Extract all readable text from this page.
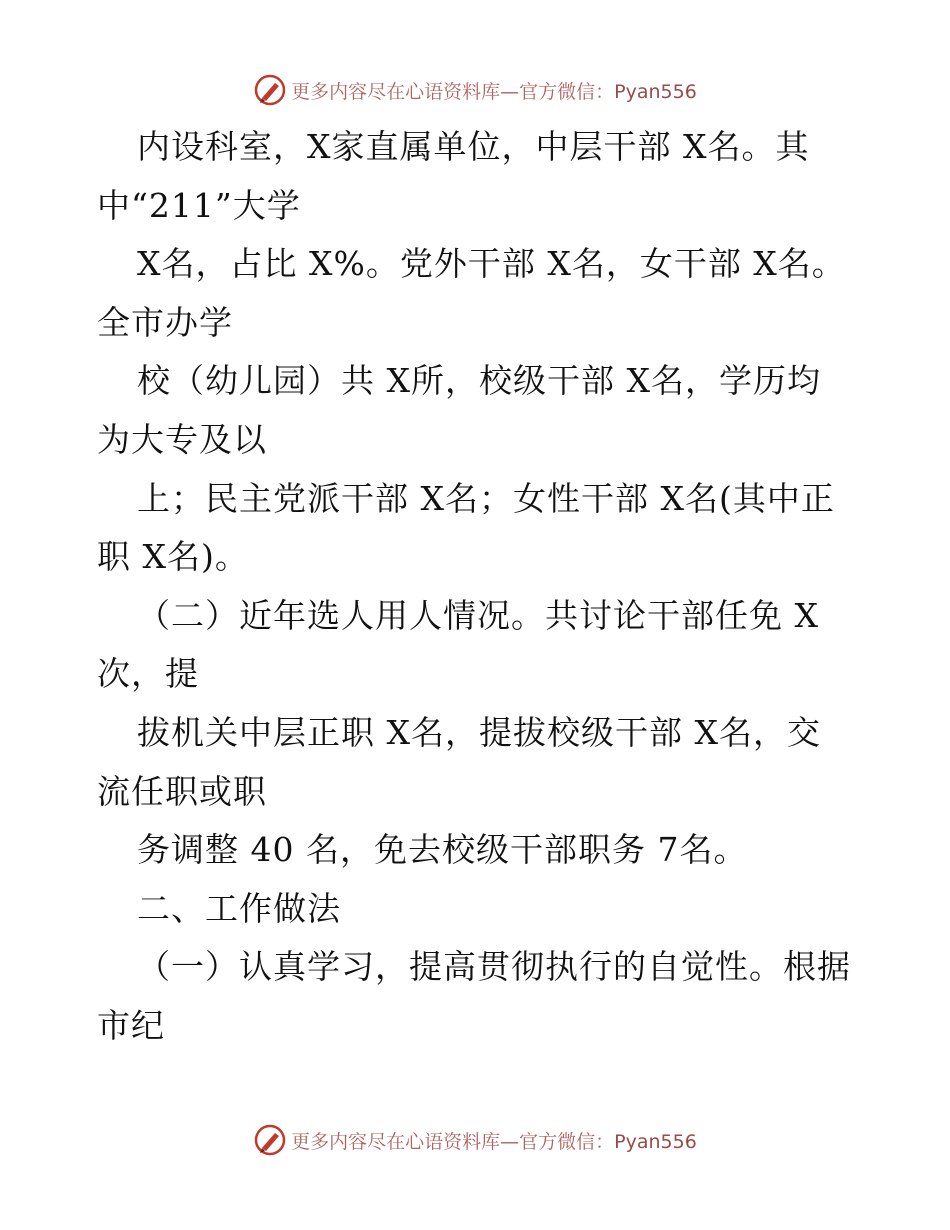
更多内容尽在心语资料库—官方微信：Pyan556
内设科室，X家直属单位，中层干部 X名。其
中“211”大学
X名，占比 X%。党外干部 X名，女干部 X名。
全市办学
校（幼儿园）共 X所，校级干部 X名，学历均
为大专及以
上；民主党派干部 X名；女性干部 X名(其中正
职 X名)。
（二）近年选人用人情况。共讨论干部任免 X
次，提
拔机关中层正职 X名，提拔校级干部 X名，交
流任职或职
务调整 40 名，免去校级干部职务 7名。
二、工作做法
（一）认真学习，提高贯彻执行的自觉性。根据
市纪
更多内容尽在心语资料库—官方微信：Pyan556
